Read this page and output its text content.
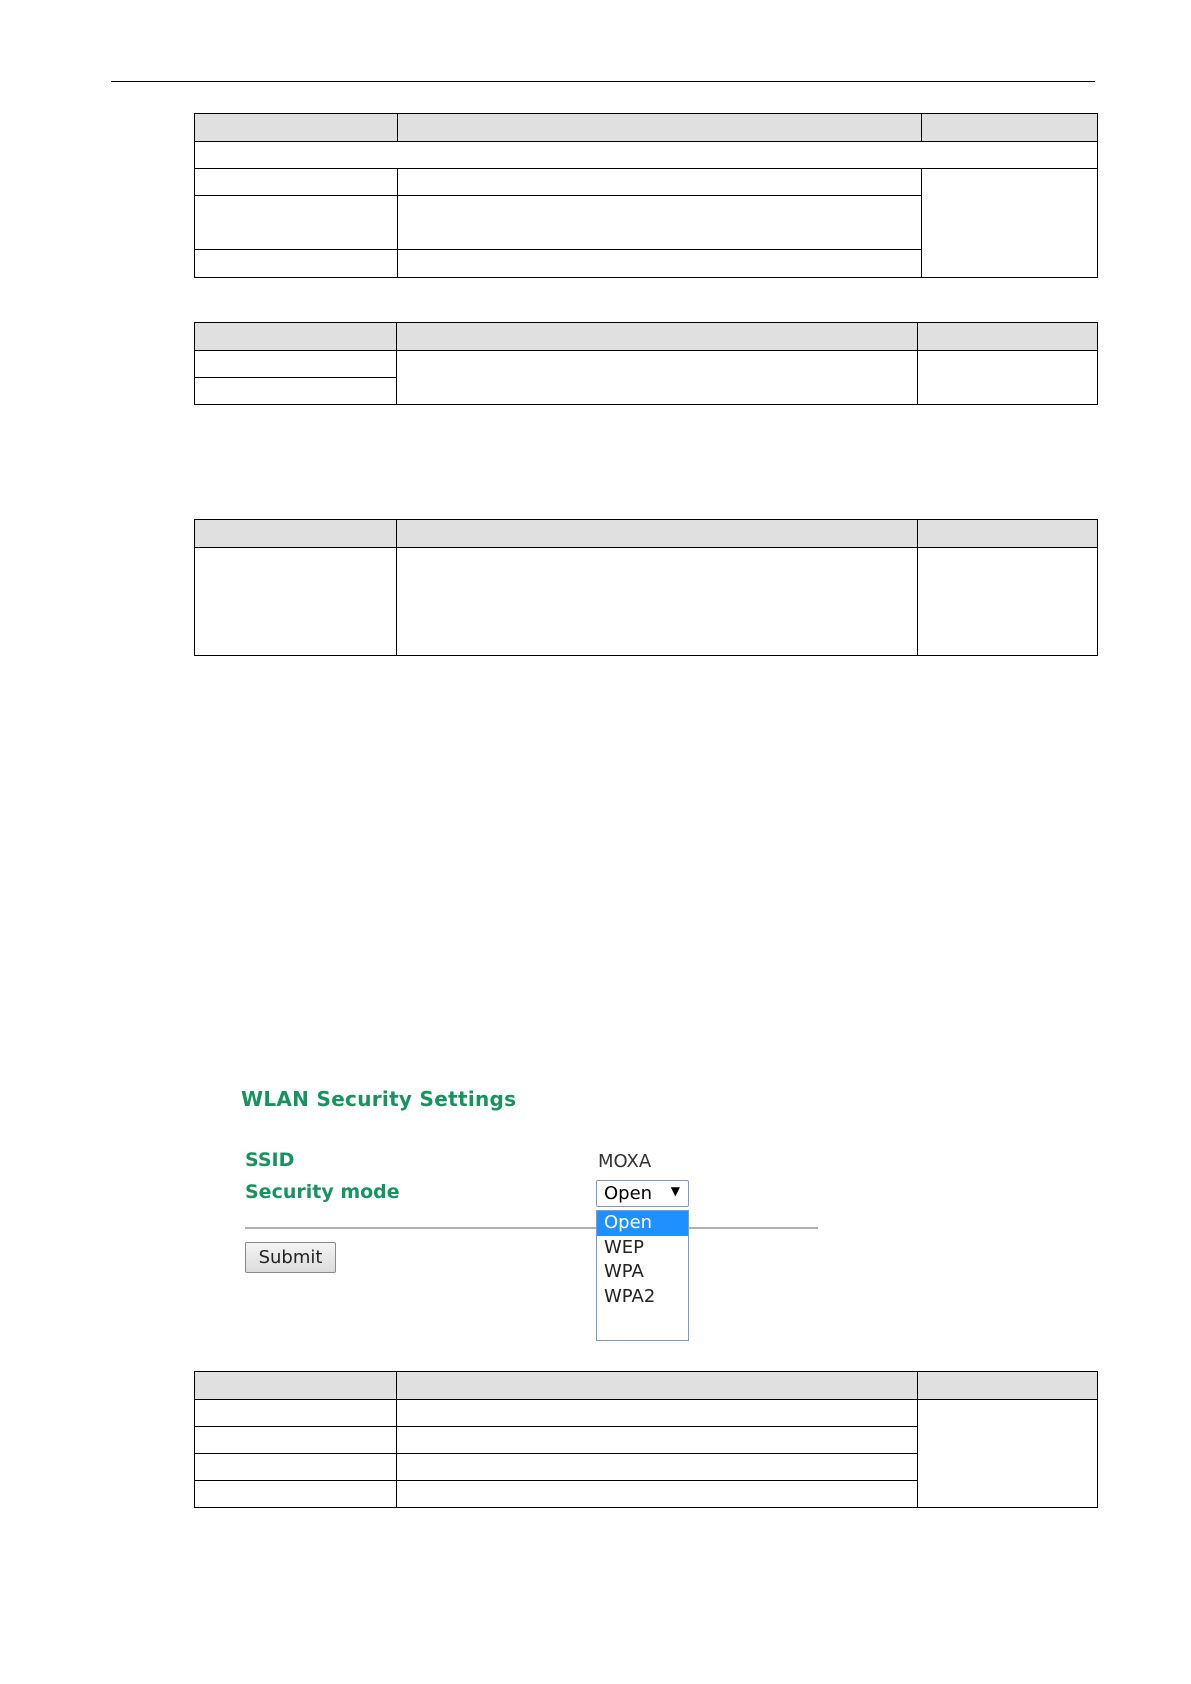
WLAN Security Settings
SSID	MOXA
Security mode	Open ▼
Submit
Open
WEP
WPA
WPA2
